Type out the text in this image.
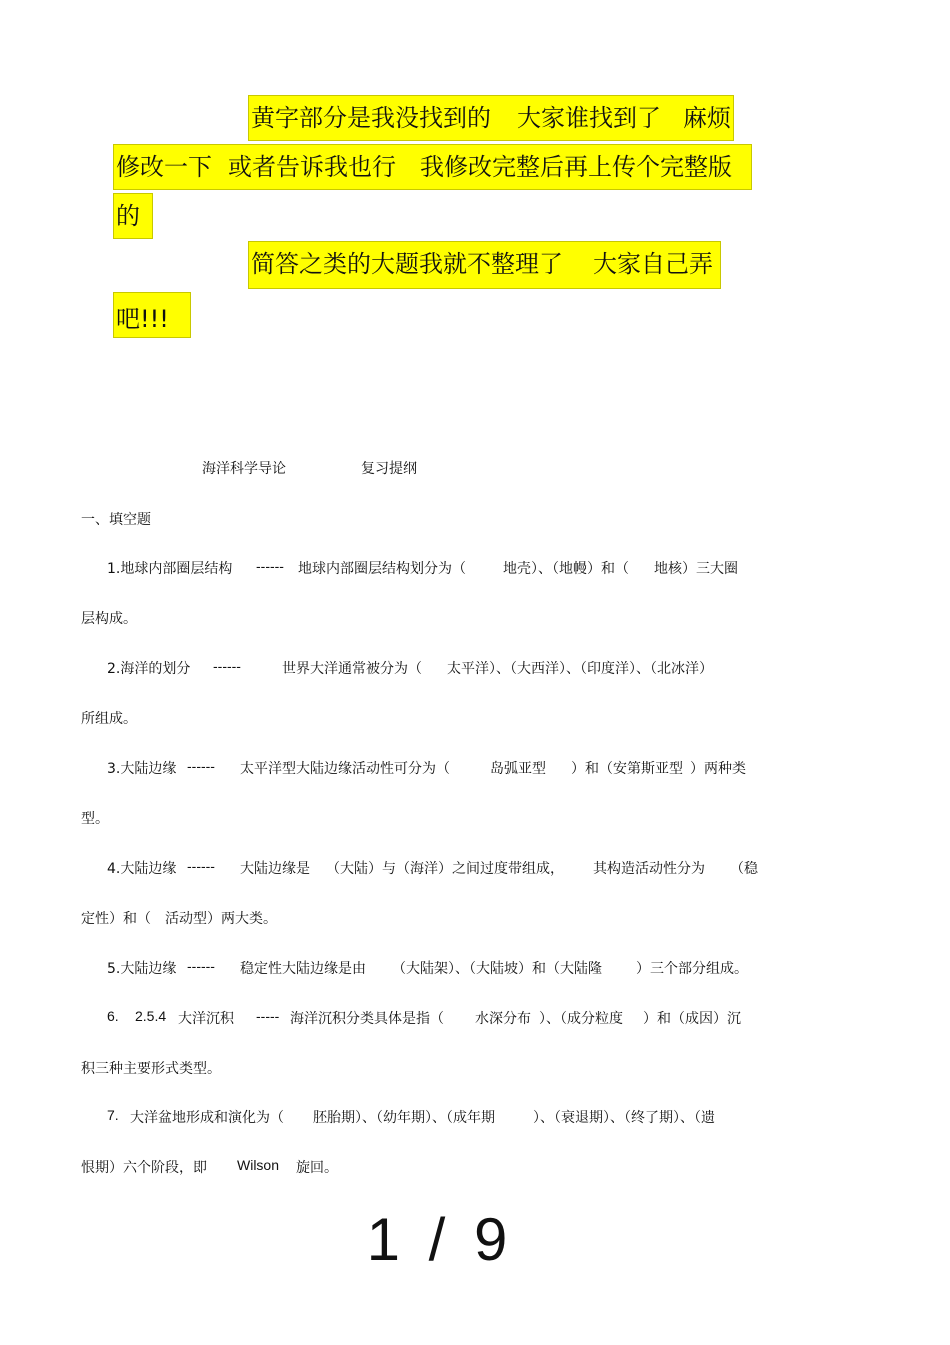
黄字部分是我没找到的 大家谁找到了 麻烦
修改一下 或者告诉我也行 我修改完整后再上传个完整版
的
简答之类的大题我就不整理了 大家自己弄
吧!!!
海洋科学导论	复习提纲
一、填空题
1.地球内部圈层结构 ------ 地球内部圈层结构划分为（	地壳）、（地幔）和（ 地核）三大圈
层构成。
2.海洋的划分 ------	世界大洋通常被分为（ 太平洋）、（大西洋）、（印度洋）、（北冰洋）
所组成。
3.大陆边缘 ------ 太平洋型大陆边缘活动性可分为（	岛弧亚型 ）和（安第斯亚型 ）两种类
型。
4.大陆边缘 ------ 大陆边缘是 （大陆）与（海洋）之间过度带组成， 其构造活动性分为 （稳
定性）和（ 活动型）两大类。
5.大陆边缘 ------ 稳定性大陆边缘是由 （大陆架）、（大陆坡）和（大陆隆 ）三个部分组成。
6. 2.5.4 大洋沉积 ----- 海洋沉积分类具体是指（ 水深分布 ）、（成分粒度 ）和（成因）沉
积三种主要形式类型。
7. 大洋盆地形成和演化为（ 胚胎期）、（幼年期）、（成年期	）、（衰退期）、（终了期）、（遗
恨期）六个阶段，即 Wilson 旋回。
1 / 9
